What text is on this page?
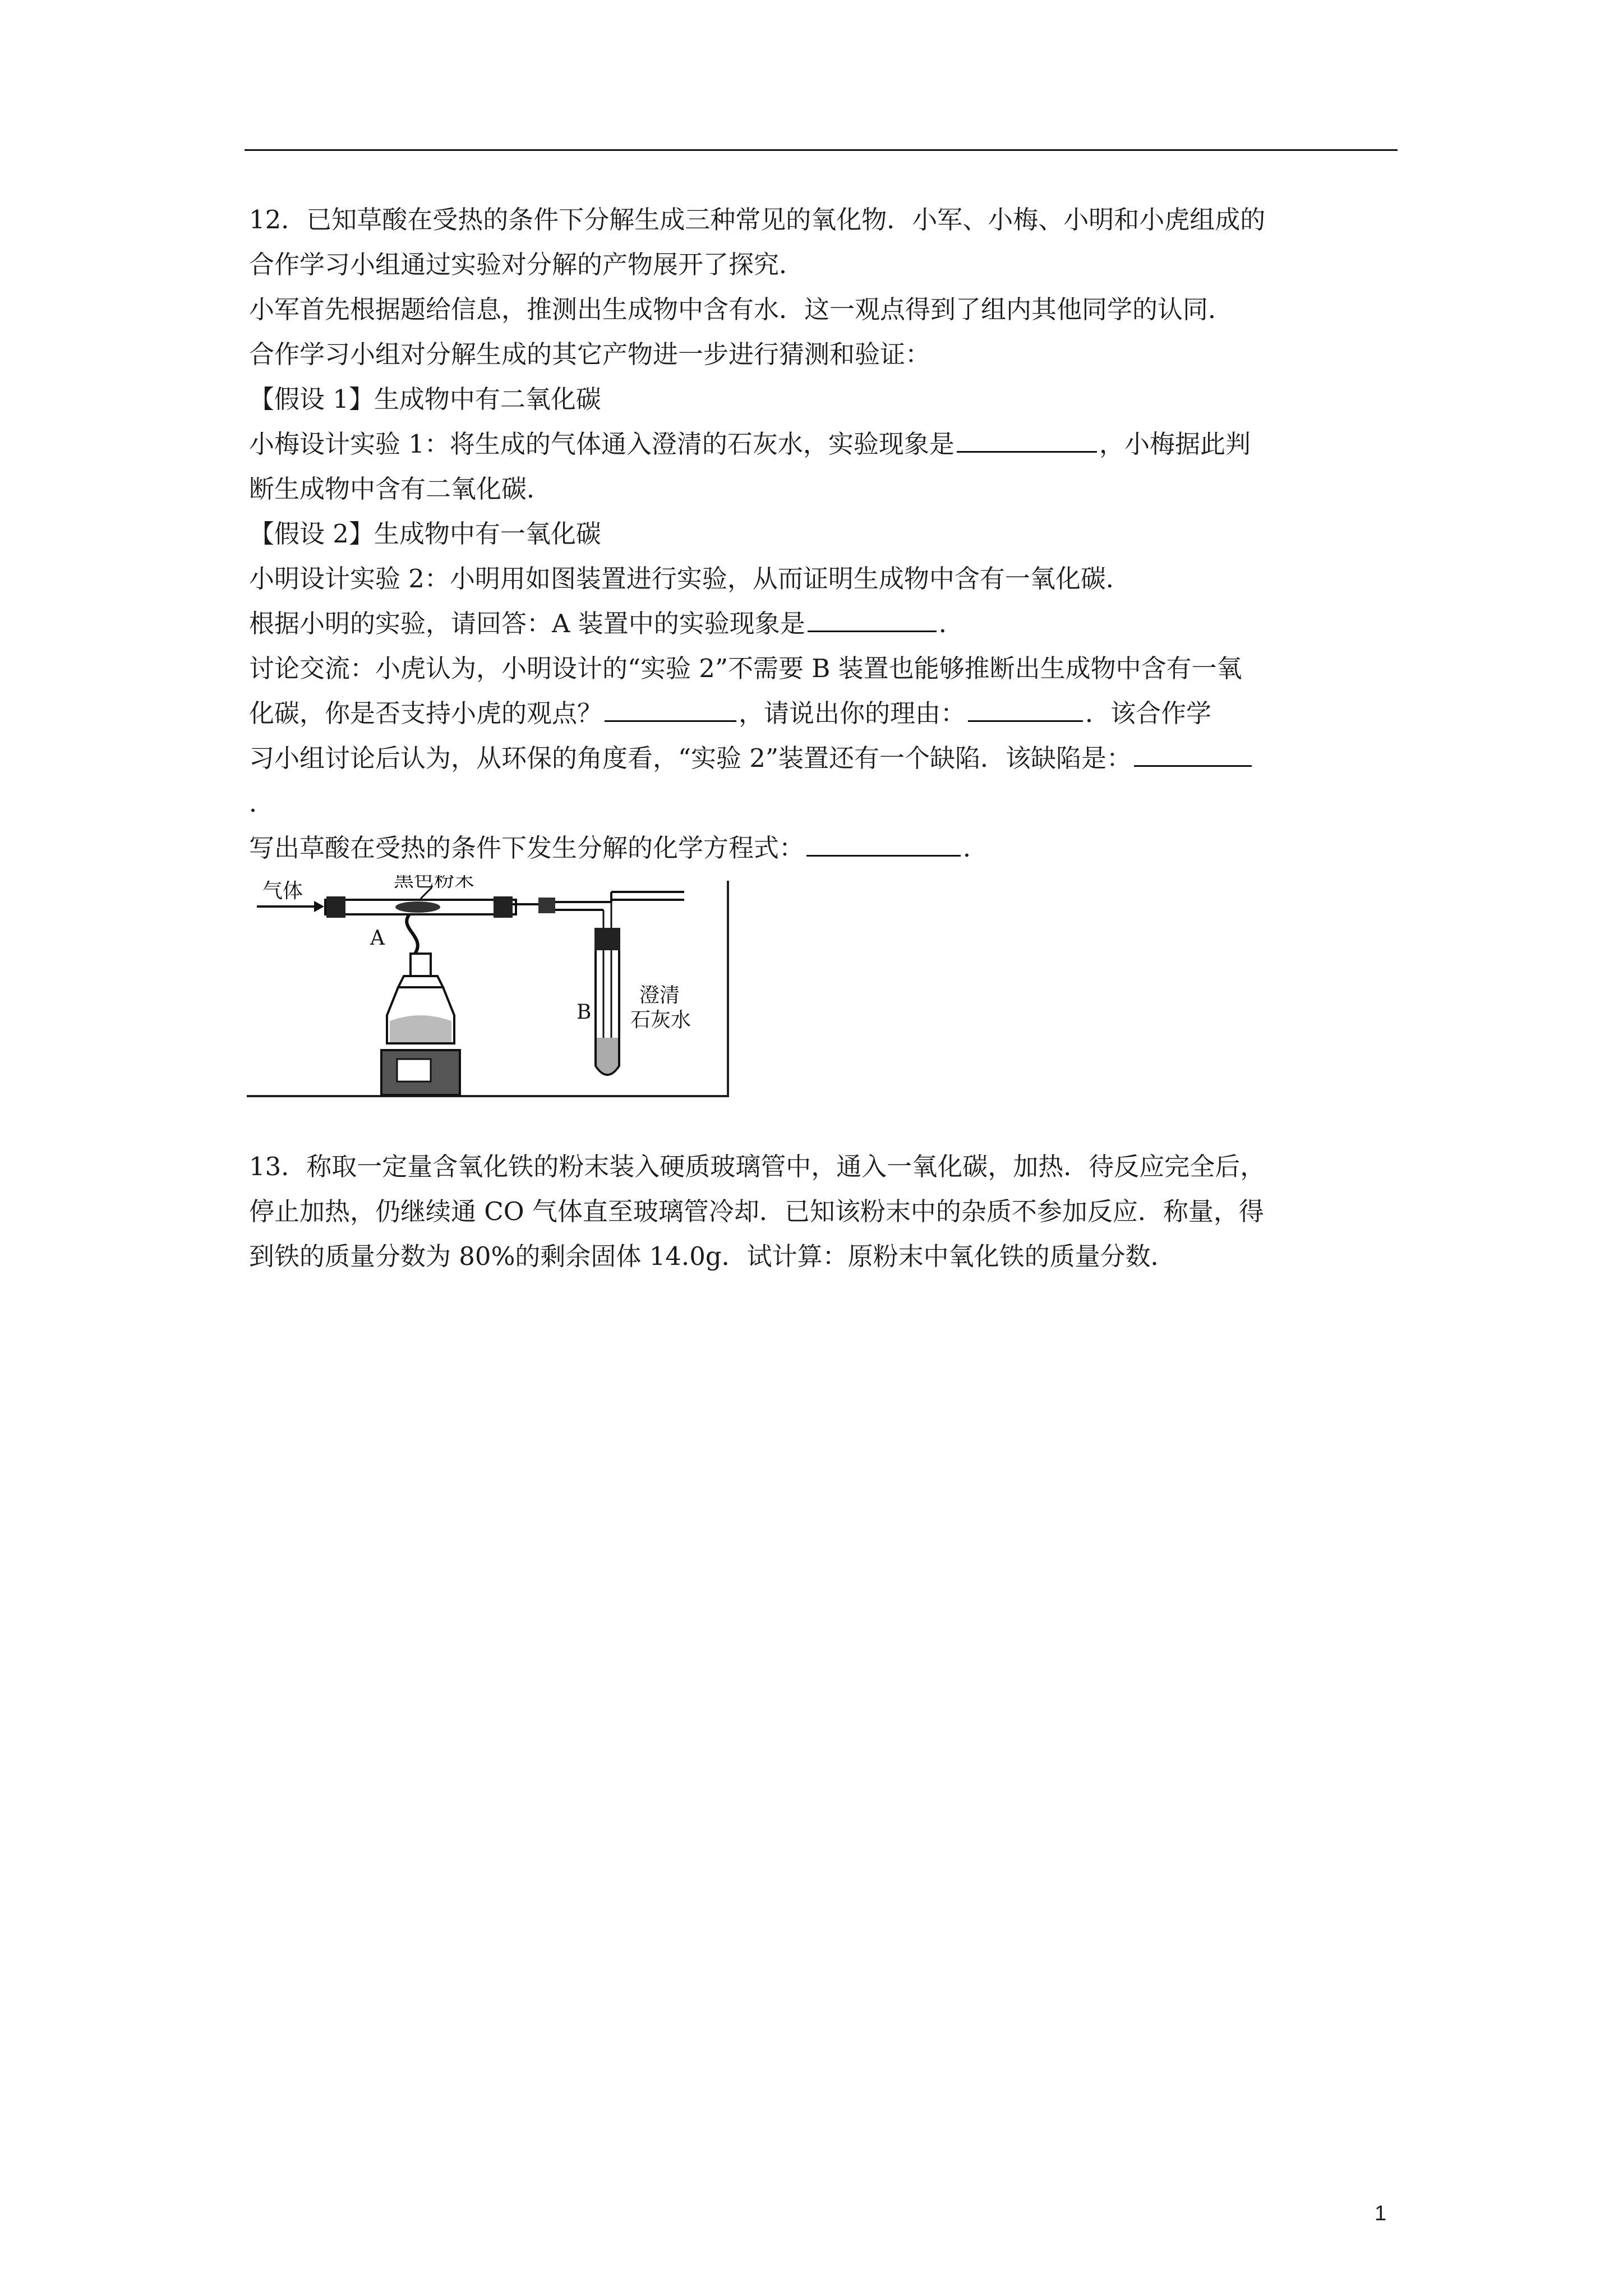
12．已知草酸在受热的条件下分解生成三种常见的氧化物．小军、小梅、小明和小虎组成的
合作学习小组通过实验对分解的产物展开了探究．
小军首先根据题给信息，推测出生成物中含有水．这一观点得到了组内其他同学的认同．
合作学习小组对分解生成的其它产物进一步进行猜测和验证：
【假设 1】生成物中有二氧化碳
小梅设计实验 1：将生成的气体通入澄清的石灰水，实验现象是	，小梅据此判
断生成物中含有二氧化碳．
【假设 2】生成物中有一氧化碳
小明设计实验 2：小明用如图装置进行实验，从而证明生成物中含有一氧化碳．
根据小明的实验，请回答：A 装置中的实验现象是	．
讨论交流：小虎认为，小明设计的“实验 2”不需要 B 装置也能够推断出生成物中含有一氧
化碳，你是否支持小虎的观点？	，请说出你的理由：	．该合作学
习小组讨论后认为，从环保的角度看，“实验 2”装置还有一个缺陷．该缺陷是：
．
写出草酸在受热的条件下发生分解的化学方程式：	．
气体	黑色粉末
A
B
澄清
石灰水
13．称取一定量含氧化铁的粉末装入硬质玻璃管中，通入一氧化碳，加热．待反应完全后，
停止加热，仍继续通 CO 气体直至玻璃管冷却．已知该粉末中的杂质不参加反应．称量，得
到铁的质量分数为 80%的剩余固体 14.0g．试计算：原粉末中氧化铁的质量分数．
1
